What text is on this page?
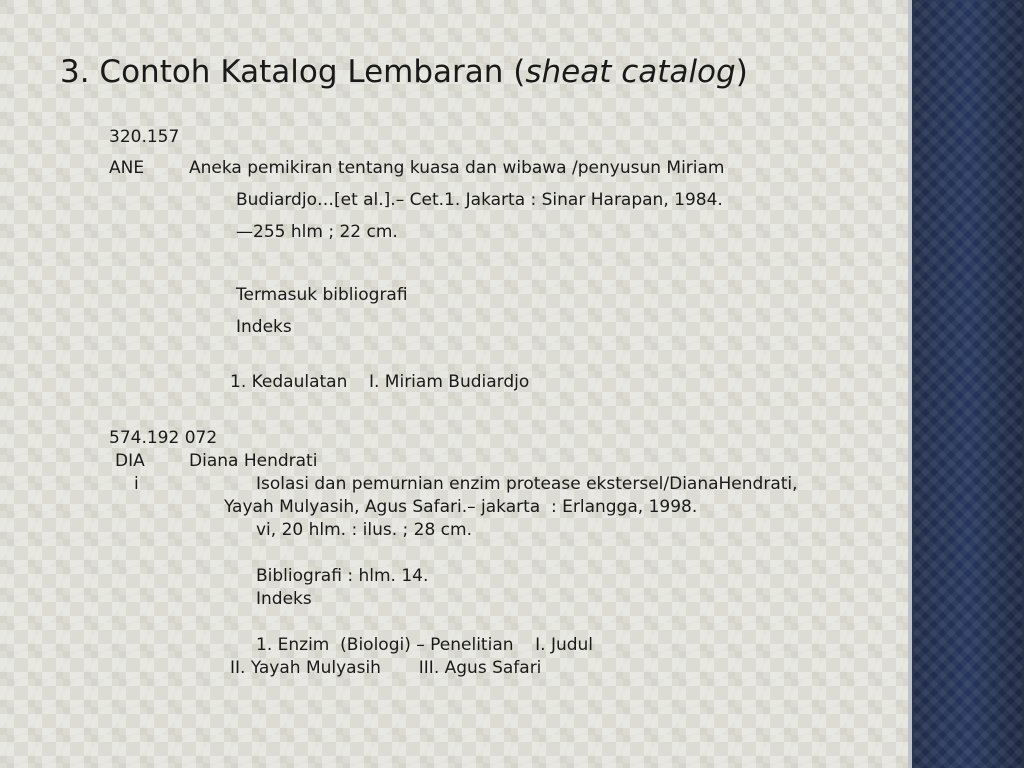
3. Contoh Katalog Lembaran (sheat catalog)
320.157
ANE	Aneka pemikiran tentang kuasa dan wibawa /penyusun Miriam
Budiardjo…[et al.].– Cet.1. Jakarta : Sinar Harapan, 1984.
—255 hlm ; 22 cm.
Termasuk bibliografi
Indeks
1. Kedaulatan    I. Miriam Budiardjo
574.192 072
DIA	Diana Hendrati
i	Isolasi dan pemurnian enzim protease ekstersel/DianaHendrati,
Yayah Mulyasih, Agus Safari.– jakarta  : Erlangga, 1998.
vi, 20 hlm. : ilus. ; 28 cm.
Bibliografi : hlm. 14.
Indeks
1. Enzim  (Biologi) – Penelitian    I. Judul
II. Yayah Mulyasih       III. Agus Safari
